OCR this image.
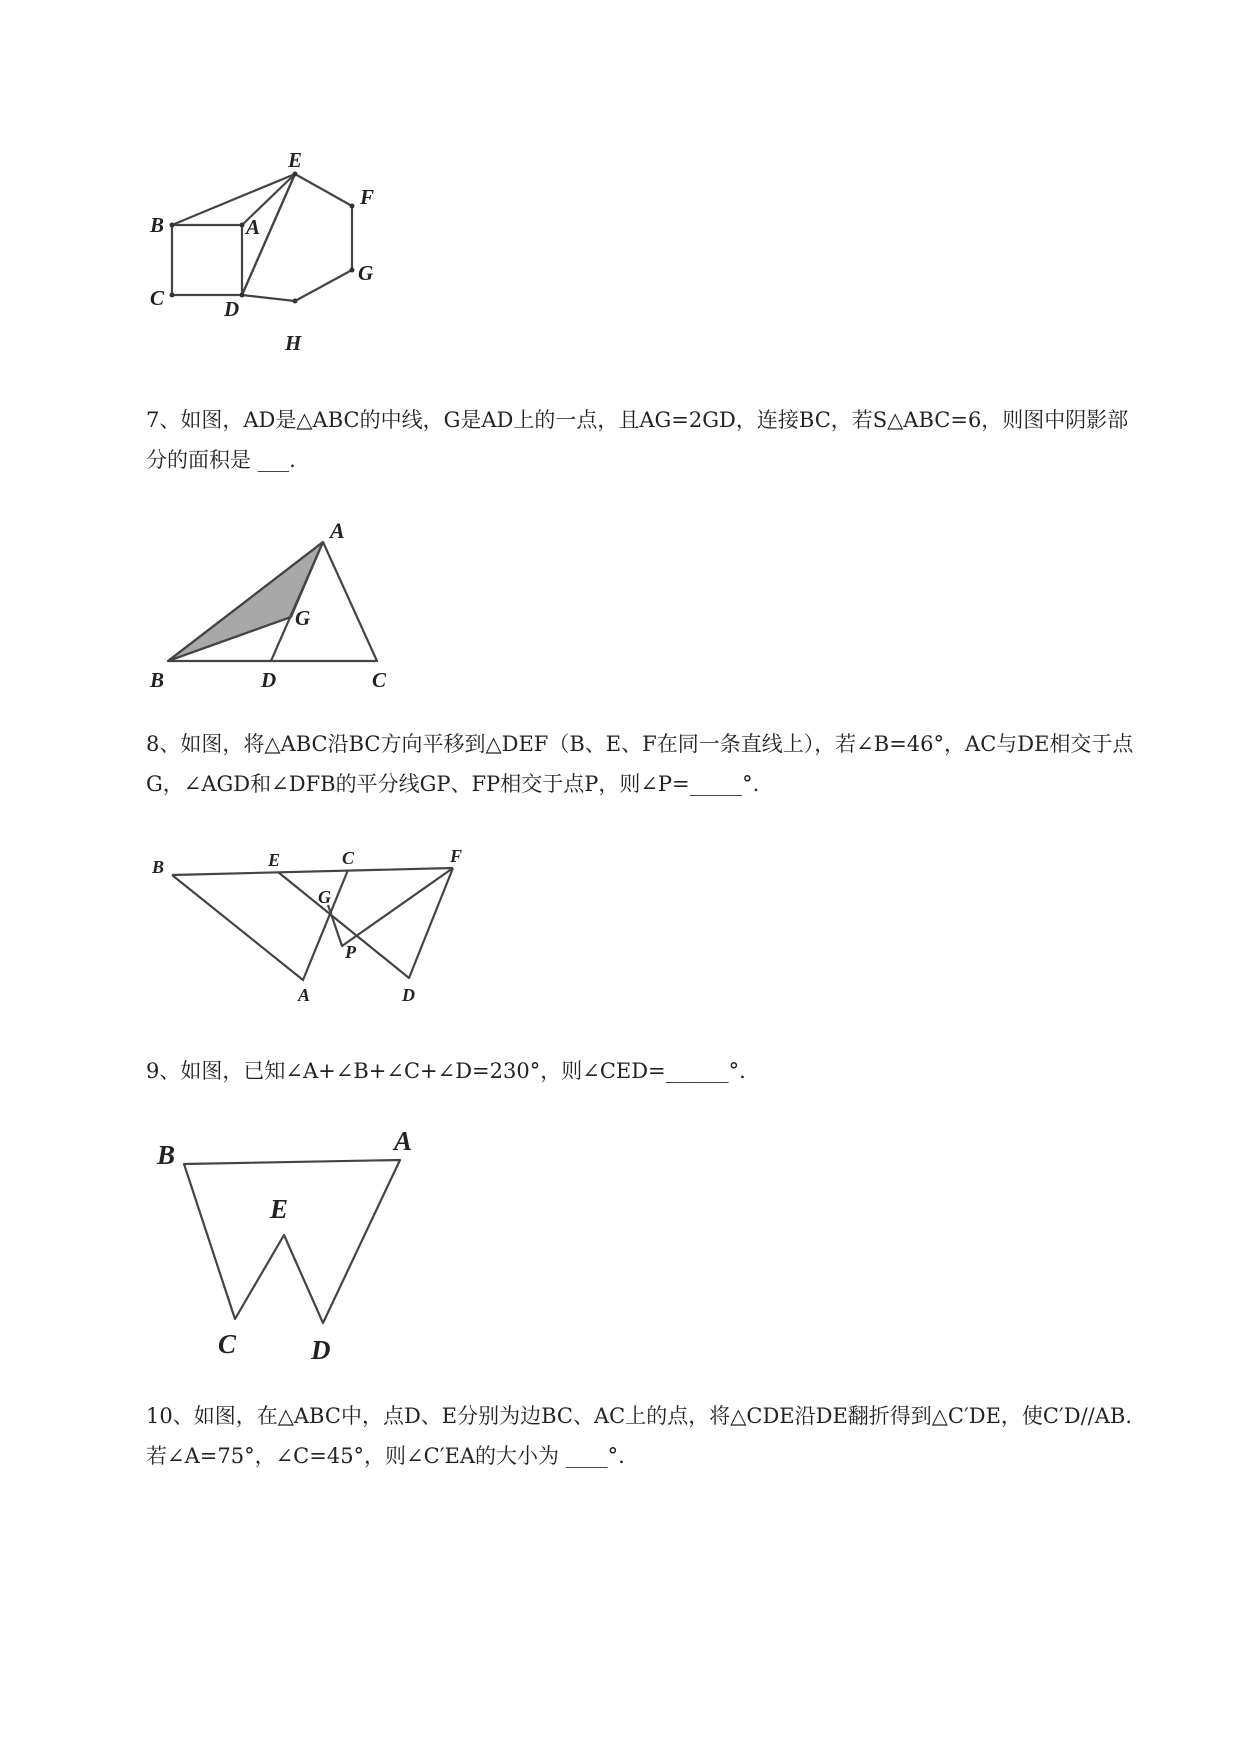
E
B	A
F
C	D
G
H

7、如图，AD是△ABC的中线，G是AD上的一点，且AG=2GD，连接BC，若S△ABC=6，则图中阴影部分的面积是 ___.

A
G
B	D	C

8、如图，将△ABC沿BC方向平移到△DEF（B、E、F在同一条直线上），若∠B=46°，AC与DE相交于点G，∠AGD和∠DFB的平分线GP、FP相交于点P，则∠P=_____°.

B	E	C	F
G
P
A	D

9、如图，已知∠A+∠B+∠C+∠D=230°，则∠CED=______°.

B	A
E
C	D

10、如图，在△ABC中，点D、E分别为边BC、AC上的点，将△CDE沿DE翻折得到△C′DE，使C′D//AB. 若∠A=75°，∠C=45°，则∠C′EA的大小为 ____°.
